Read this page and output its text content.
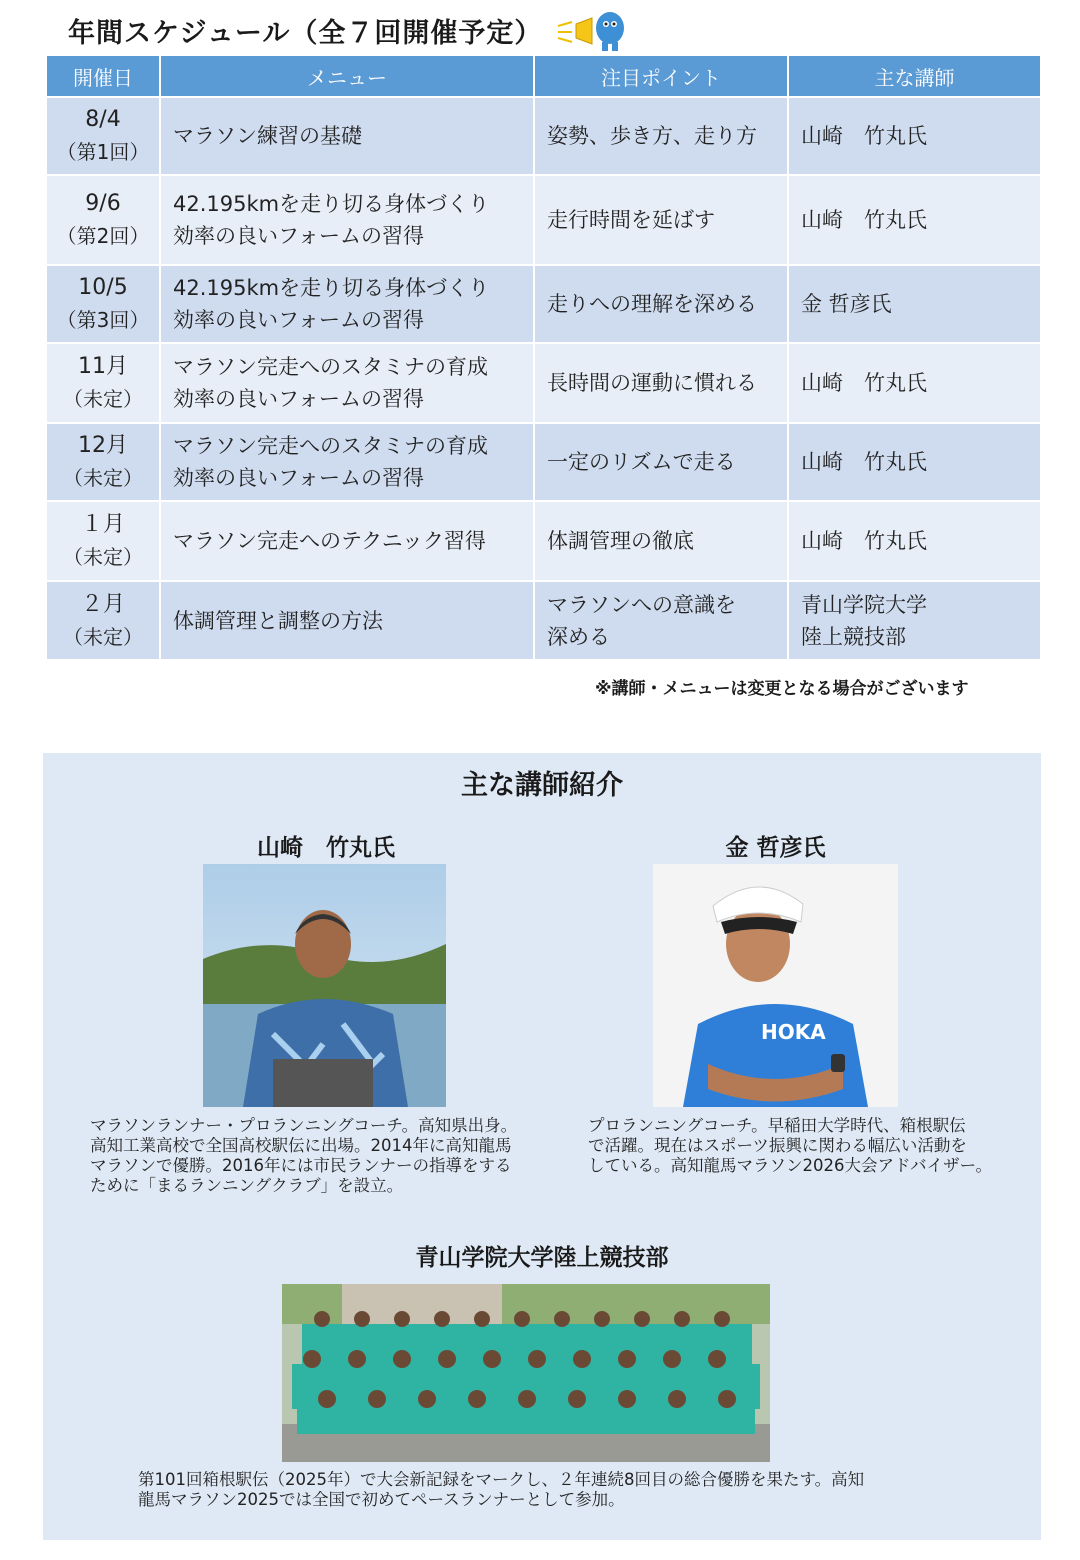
年間スケジュール（全７回開催予定）
開催日	メニュー	注目ポイント	主な講師

8/4
（第1回）	マラソン練習の基礎	姿勢、歩き方、走り方	山崎　竹丸氏

9/6
（第2回）	42.195kmを走り切る身体づくり
効率の良いフォームの習得	走行時間を延ばす	山崎　竹丸氏

10/5
（第3回）	42.195kmを走り切る身体づくり
効率の良いフォームの習得	走りへの理解を深める	金 哲彦氏

11月
（未定）	マラソン完走へのスタミナの育成
効率の良いフォームの習得	長時間の運動に慣れる	山崎　竹丸氏

12月
（未定）	マラソン完走へのスタミナの育成
効率の良いフォームの習得	一定のリズムで走る	山崎　竹丸氏

１月
（未定）	マラソン完走へのテクニック習得	体調管理の徹底	山崎　竹丸氏

２月
（未定）	体調管理と調整の方法	マラソンへの意識を
深める	青山学院大学
陸上競技部
※講師・メニューは変更となる場合がございます
主な講師紹介
山崎　竹丸氏
マラソンランナー・プロランニングコーチ。高知県出身。
高知工業高校で全国高校駅伝に出場。2014年に高知龍馬
マラソンで優勝。2016年には市民ランナーの指導をする
ために「まるランニングクラブ」を設立。
金 哲彦氏
HOKA
プロランニングコーチ。早稲田大学時代、箱根駅伝
で活躍。現在はスポーツ振興に関わる幅広い活動を
している。高知龍馬マラソン2026大会アドバイザー。
青山学院大学陸上競技部
第101回箱根駅伝（2025年）で大会新記録をマークし、２年連続8回目の総合優勝を果たす。高知
龍馬マラソン2025では全国で初めてペースランナーとして参加。
